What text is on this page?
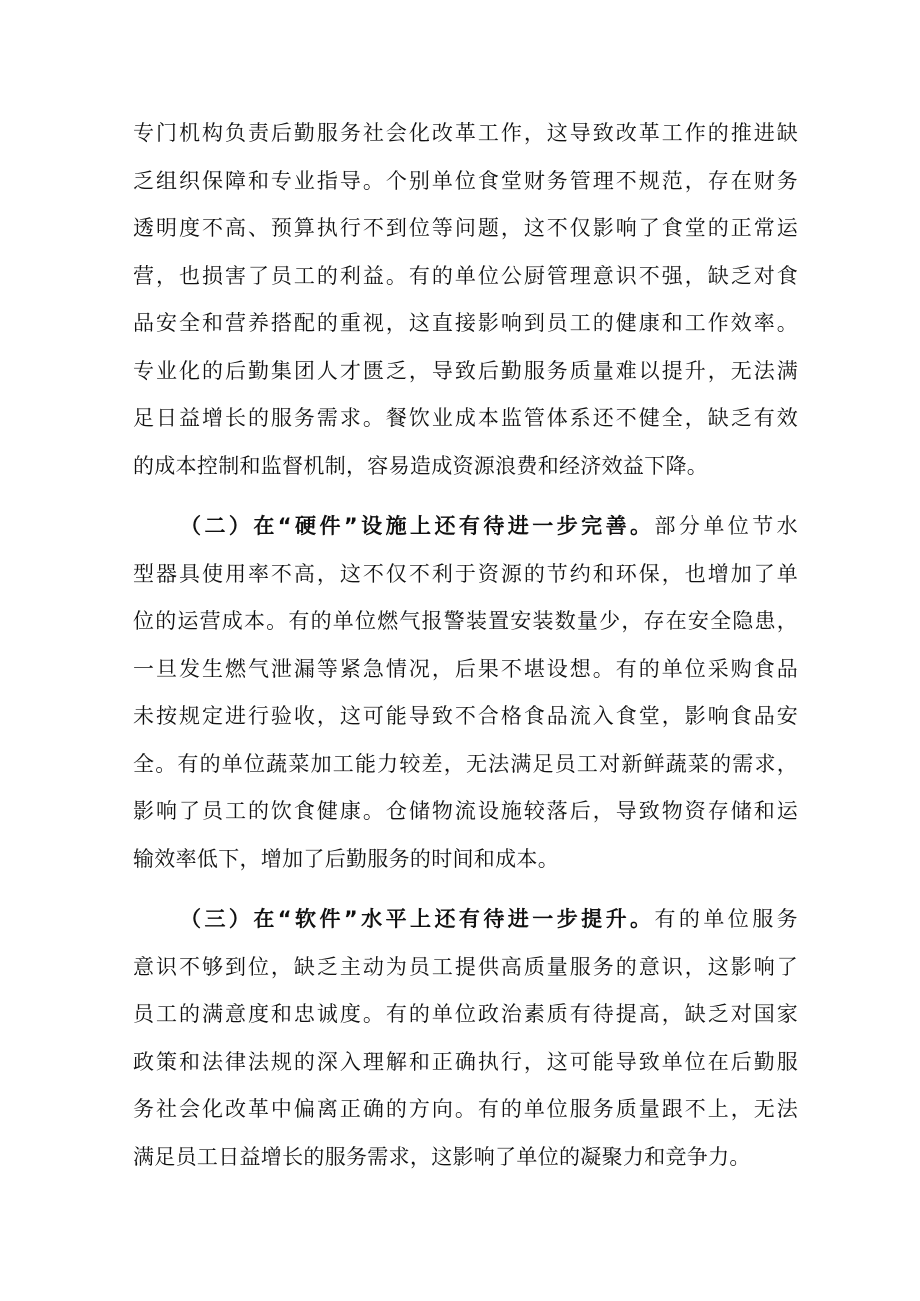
专门机构负责后勤服务社会化改革工作，这导致改革工作的推进缺
乏组织保障和专业指导。个别单位食堂财务管理不规范，存在财务
透明度不高、预算执行不到位等问题，这不仅影响了食堂的正常运
营，也损害了员工的利益。有的单位公厨管理意识不强，缺乏对食
品安全和营养搭配的重视，这直接影响到员工的健康和工作效率。
专业化的后勤集团人才匮乏，导致后勤服务质量难以提升，无法满
足日益增长的服务需求。餐饮业成本监管体系还不健全，缺乏有效
的成本控制和监督机制，容易造成资源浪费和经济效益下降。
（二）在“硬件”设施上还有待进一步完善。部分单位节水
型器具使用率不高，这不仅不利于资源的节约和环保，也增加了单
位的运营成本。有的单位燃气报警装置安装数量少，存在安全隐患，
一旦发生燃气泄漏等紧急情况，后果不堪设想。有的单位采购食品
未按规定进行验收，这可能导致不合格食品流入食堂，影响食品安
全。有的单位蔬菜加工能力较差，无法满足员工对新鲜蔬菜的需求，
影响了员工的饮食健康。仓储物流设施较落后，导致物资存储和运
输效率低下，增加了后勤服务的时间和成本。
（三）在“软件”水平上还有待进一步提升。有的单位服务
意识不够到位，缺乏主动为员工提供高质量服务的意识，这影响了
员工的满意度和忠诚度。有的单位政治素质有待提高，缺乏对国家
政策和法律法规的深入理解和正确执行，这可能导致单位在后勤服
务社会化改革中偏离正确的方向。有的单位服务质量跟不上，无法
满足员工日益增长的服务需求，这影响了单位的凝聚力和竞争力。
